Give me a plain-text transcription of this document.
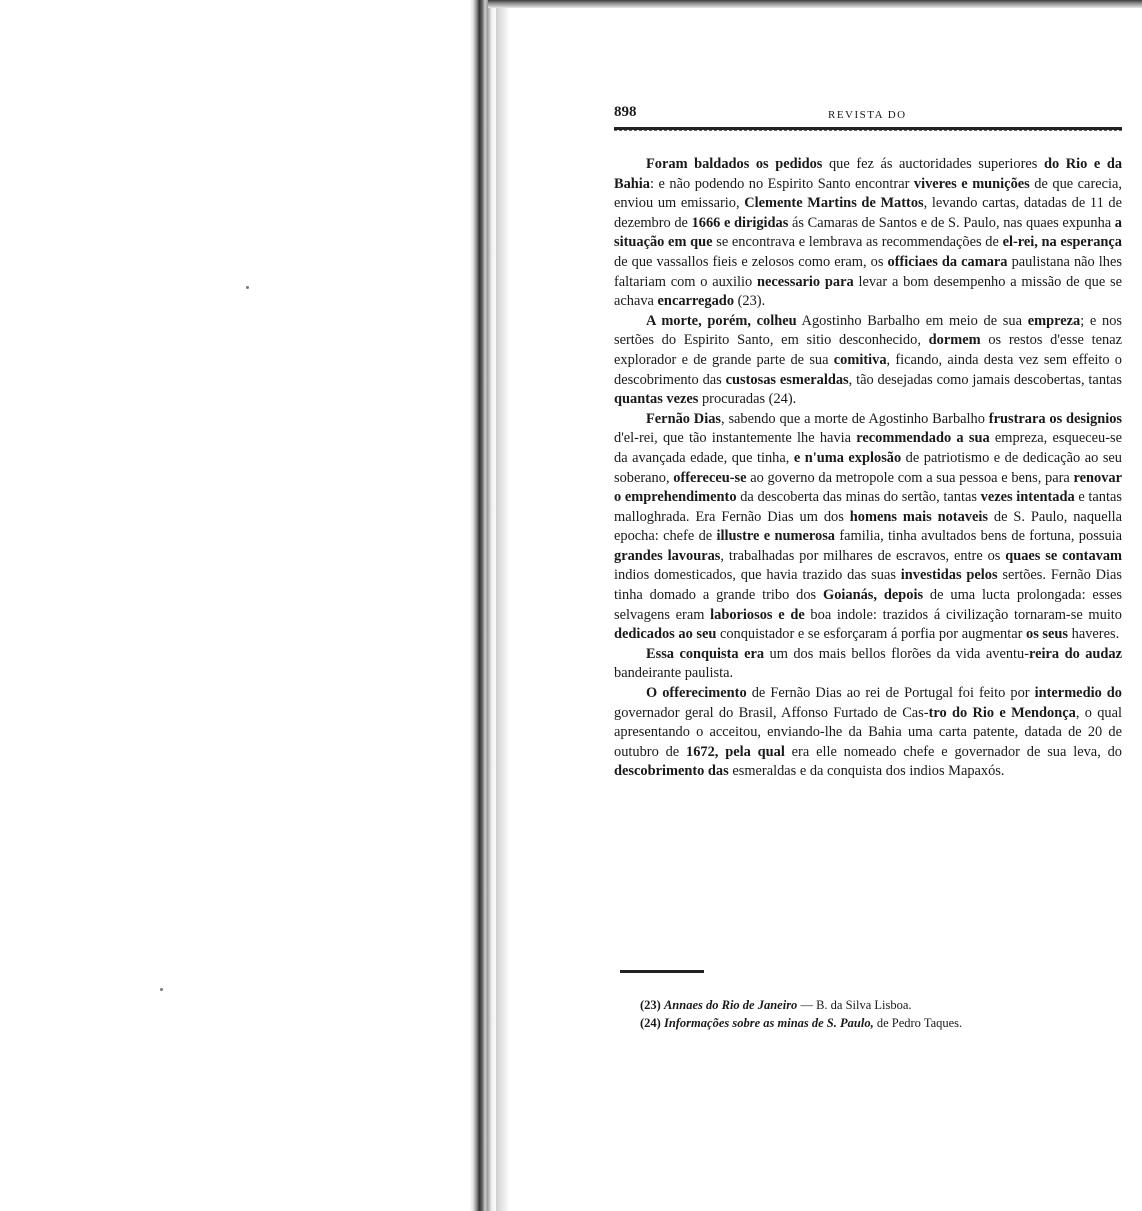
898	REVISTA DO

Foram baldados os pedidos que fez ás auctoridades superiores do Rio e da Bahia: e não podendo no Espirito Santo encontrar viveres e munições de que carecia, enviou um emissario, Clemente Martins de Mattos, levando cartas, datadas de 11 de dezembro de 1666 e dirigidas ás Camaras de Santos e de S. Paulo, nas quaes expunha a situação em que se encontrava e lembrava as recommendações de el-rei, na esperança de que vassallos fieis e zelosos como eram, os officiaes da camara paulistana não lhes faltariam com o auxilio necessario para levar a bom desempenho a missão de que se achava encarregado (23).

A morte, porém, colheu Agostinho Barbalho em meio de sua empreza; e nos sertões do Espirito Santo, em sitio desconhecido, dormem os restos d'esse tenaz explorador e de grande parte de sua comitiva, ficando, ainda desta vez sem effeito o descobrimento das custosas esmeraldas, tão desejadas como jamais descobertas, tantas quantas vezes procuradas (24).

Fernão Dias, sabendo que a morte de Agostinho Barbalho frustrara os designios d'el-rei, que tão instantemente lhe havia recommendado a sua empreza, esqueceu-se da avançada edade, que tinha, e n'uma explosão de patriotismo e de dedicação ao seu soberano, offereceu-se ao governo da metropole com a sua pessoa e bens, para renovar o emprehendimento da descoberta das minas do sertão, tantas vezes intentada e tantas malloghrada. Era Fernão Dias um dos homens mais notaveis de S. Paulo, naquella epocha: chefe de illustre e numerosa familia, tinha avultados bens de fortuna, possuia grandes lavouras, trabalhadas por milhares de escravos, entre os quaes se contavam indios domesticados, que havia trazido das suas investidas pelos sertões. Fernão Dias tinha domado a grande tribo dos Goianás, depois de uma lucta prolongada: esses selvagens eram laboriosos e de boa indole: trazidos á civilização tornaram-se muito dedicados ao seu conquistador e se esforçaram á porfia por augmentar os seus haveres.

Essa conquista era um dos mais bellos florões da vida aventu-reira do audaz bandeirante paulista.

O offerecimento de Fernão Dias ao rei de Portugal foi feito por intermedio do governador geral do Brasil, Affonso Furtado de Cas-tro do Rio e Mendonça, o qual apresentando o acceitou, enviando-lhe da Bahia uma carta patente, datada de 20 de outubro de 1672, pela qual era elle nomeado chefe e governador de sua leva, do descobrimento das esmeraldas e da conquista dos indios Mapaxós.

(23) Annaes do Rio de Janeiro — B. da Silva Lisboa.
(24) Informações sobre as minas de S. Paulo, de Pedro Taques.
